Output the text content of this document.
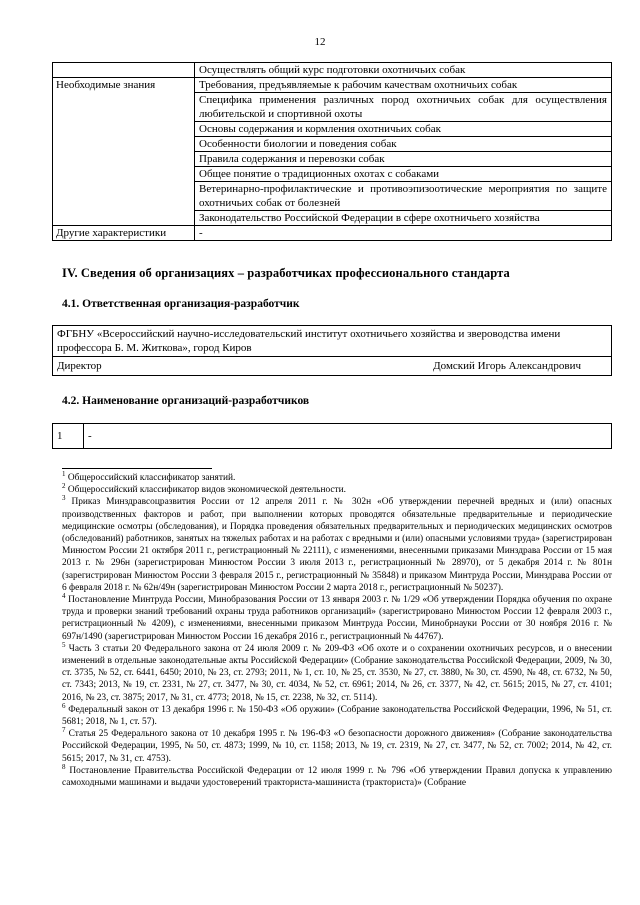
12
	Осуществлять общий курс подготовки охотничьих собак
Необходимые знания	Требования, предъявляемые к рабочим качествам охотничьих собак
	Специфика применения различных пород охотничьих собак для осуществления любительской и спортивной охоты
	Основы содержания и кормления охотничьих собак
	Особенности биологии и поведения собак
	Правила содержания и перевозки собак
	Общее понятие о традиционных охотах с собаками
	Ветеринарно-профилактические и противоэпизоотические мероприятия по защите охотничьих собак от болезней
	Законодательство Российской Федерации в сфере охотничьего хозяйства
Другие характеристики	-
IV. Сведения об организациях – разработчиках профессионального стандарта
4.1. Ответственная организация-разработчик
ФГБНУ «Всероссийский научно-исследовательский институт охотничьего хозяйства и звероводства имени профессора Б. М. Житкова», город Киров

Директор	Домский Игорь Александрович
4.2. Наименование организаций-разработчиков
1	-

$^1$ Общероссийский классификатор занятий.

$^2$ Общероссийский классификатор видов экономической деятельности.

$^3$ Приказ Минздравсоцразвития России от 12 апреля 2011 г. № 302н «Об утверждении перечней вредных и (или) опасных производственных факторов и работ, при выполнении которых проводятся обязательные предварительные и периодические медицинские осмотры (обследования), и Порядка проведения обязательных предварительных и периодических медицинских осмотров (обследований) работников, занятых на тяжелых работах и на работах с вредными и (или) опасными условиями труда» (зарегистрирован Минюстом России 21 октября 2011 г., регистрационный № 22111), с изменениями, внесенными приказами Минздрава России от 15 мая 2013 г. № 296н (зарегистрирован Минюстом России 3 июля 2013 г., регистрационный № 28970), от 5 декабря 2014 г. № 801н (зарегистрирован Минюстом России 3 февраля 2015 г., регистрационный № 35848) и приказом Минтруда России, Минздрава России от 6 февраля 2018 г. № 62н/49н (зарегистрирован Минюстом России 2 марта 2018 г., регистрационный № 50237).

$^4$ Постановление Минтруда России, Минобразования России от 13 января 2003 г. № 1/29 «Об утверждении Порядка обучения по охране труда и проверки знаний требований охраны труда работников организаций» (зарегистрировано Минюстом России 12 февраля 2003 г., регистрационный № 4209), с изменениями, внесенными приказом Минтруда России, Минобрнауки России от 30 ноября 2016 г. № 697н/1490 (зарегистрирован Минюстом России 16 декабря 2016 г., регистрационный № 44767).

$^5$ Часть 3 статьи 20 Федерального закона от 24 июля 2009 г. № 209-ФЗ «Об охоте и о сохранении охотничьих ресурсов, и о внесении изменений в отдельные законодательные акты Российской Федерации» (Собрание законодательства Российской Федерации, 2009, № 30, ст. 3735, № 52, ст. 6441, 6450; 2010, № 23, ст. 2793; 2011, № 1, ст. 10, № 25, ст. 3530, № 27, ст. 3880, № 30, ст. 4590, № 48, ст. 6732, № 50, ст. 7343; 2013, № 19, ст. 2331, № 27, ст. 3477, № 30, ст. 4034, № 52, ст. 6961; 2014, № 26, ст. 3377, № 42, ст. 5615; 2015, № 27, ст. 4101; 2016, № 23, ст. 3875; 2017, № 31, ст. 4773; 2018, № 15, ст. 2238, № 32, ст. 5114).

$^6$ Федеральный закон от 13 декабря 1996 г. № 150-ФЗ «Об оружии» (Собрание законодательства Российской Федерации, 1996, № 51, ст. 5681; 2018, № 1, ст. 57).

$^7$ Статья 25 Федерального закона от 10 декабря 1995 г. № 196-ФЗ «О безопасности дорожного движения» (Собрание законодательства Российской Федерации, 1995, № 50, ст. 4873; 1999, № 10, ст. 1158; 2013, № 19, ст. 2319, № 27, ст. 3477, № 52, ст. 7002; 2014, № 42, ст. 5615; 2017, № 31, ст. 4753).

$^8$ Постановление Правительства Российской Федерации от 12 июля 1999 г. № 796 «Об утверждении Правил допуска к управлению самоходными машинами и выдачи удостоверений тракториста-машиниста (тракториста)» (Собрание
